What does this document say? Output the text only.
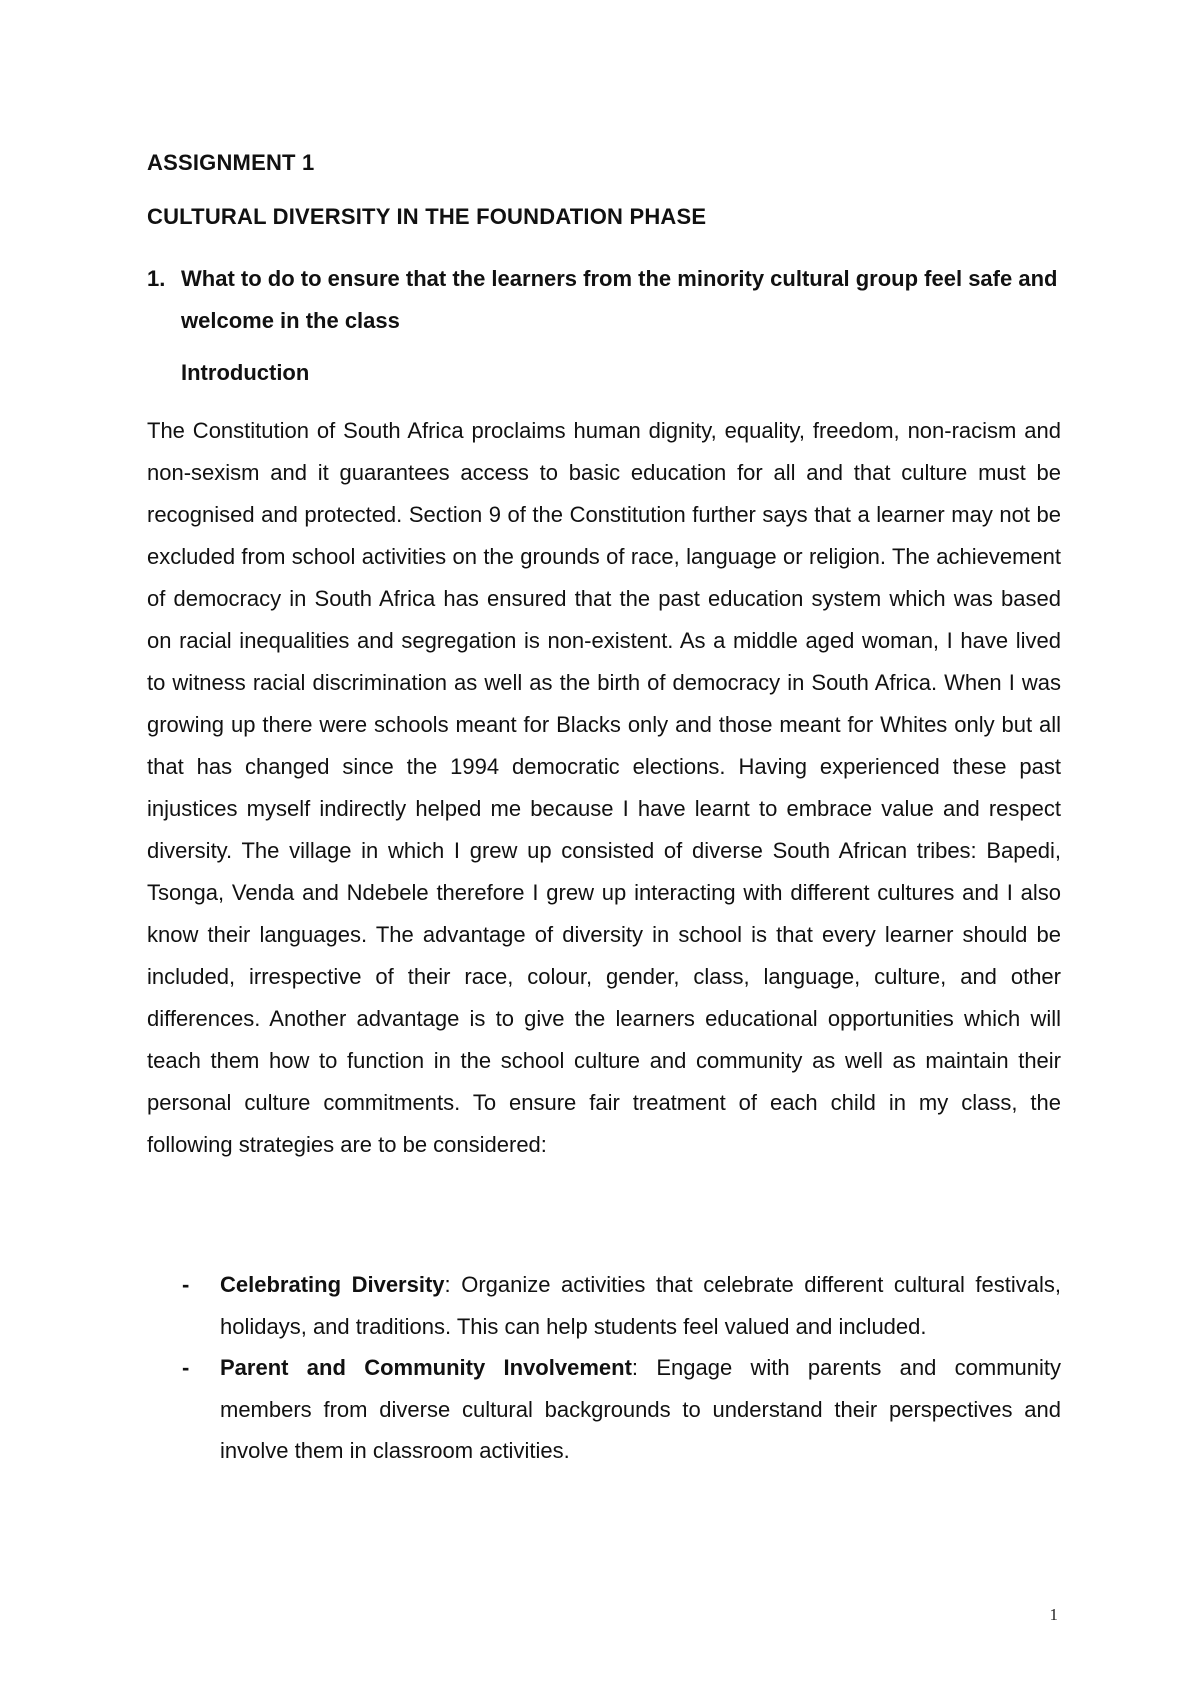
ASSIGNMENT 1
CULTURAL DIVERSITY IN THE FOUNDATION PHASE
1. What to do to ensure that the learners from the minority cultural group feel safe and welcome in the class
Introduction

The Constitution of South Africa proclaims human dignity, equality, freedom, non-racism and non-sexism and it guarantees access to basic education for all and that culture must be recognised and protected. Section 9 of the Constitution further says that a learner may not be excluded from school activities on the grounds of race, language or religion. The achievement of democracy in South Africa has ensured that the past education system which was based on racial inequalities and segregation is non-existent. As a middle aged woman, I have lived to witness racial discrimination as well as the birth of democracy in South Africa. When I was growing up there were schools meant for Blacks only and those meant for Whites only but all that has changed since the 1994 democratic elections. Having experienced these past injustices myself indirectly helped me because I have learnt to embrace value and respect diversity. The village in which I grew up consisted of diverse South African tribes: Bapedi, Tsonga, Venda and Ndebele therefore I grew up interacting with different cultures and I also know their languages. The advantage of diversity in school is that every learner should be included, irrespective of their race, colour, gender, class, language, culture, and other differences. Another advantage is to give the learners educational opportunities which will teach them how to function in the school culture and community as well as maintain their personal culture commitments. To ensure fair treatment of each child in my class, the following strategies are to be considered:

-	Celebrating Diversity: Organize activities that celebrate different cultural festivals, holidays, and traditions. This can help students feel valued and included.
-	Parent and Community Involvement: Engage with parents and community members from diverse cultural backgrounds to understand their perspectives and involve them in classroom activities.
1
